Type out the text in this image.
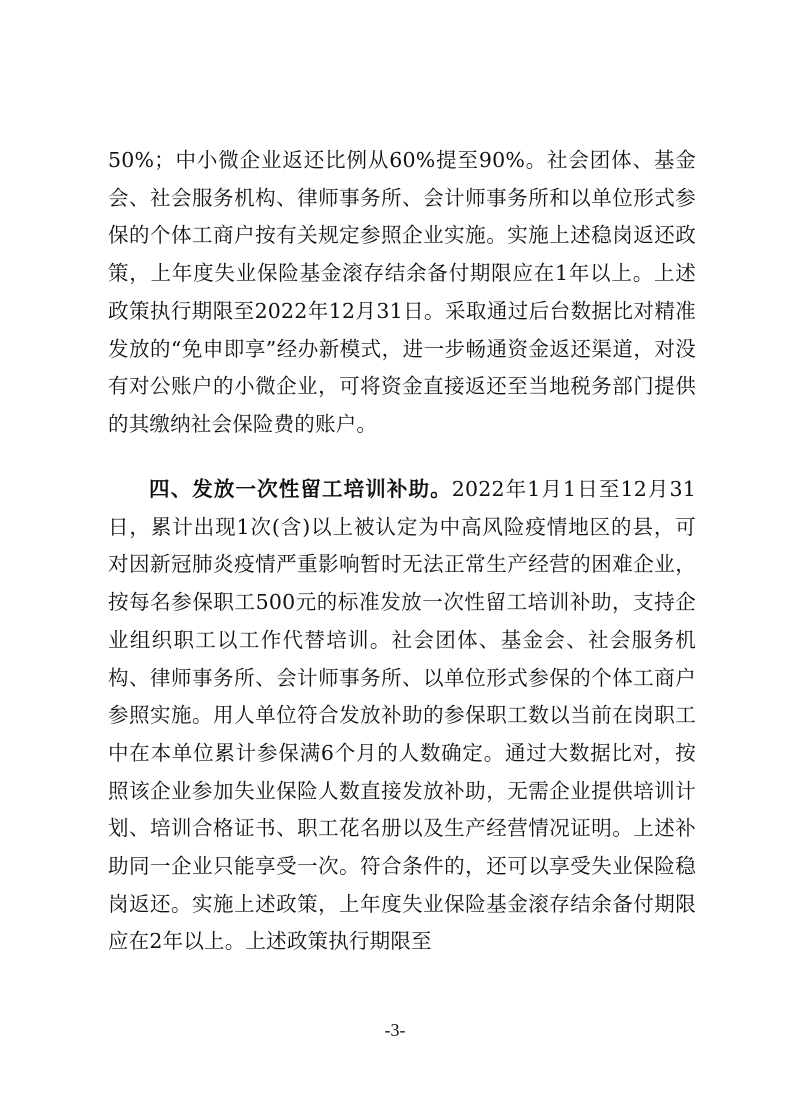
50%；中小微企业返还比例从60%提至90%。社会团体、基金会、社会服务机构、律师事务所、会计师事务所和以单位形式参保的个体工商户按有关规定参照企业实施。实施上述稳岗返还政策，上年度失业保险基金滚存结余备付期限应在1年以上。上述政策执行期限至2022年12月31日。采取通过后台数据比对精准发放的“免申即享”经办新模式，进一步畅通资金返还渠道，对没有对公账户的小微企业，可将资金直接返还至当地税务部门提供的其缴纳社会保险费的账户。

四、发放一次性留工培训补助。2022年1月1日至12月31日，累计出现1次(含)以上被认定为中高风险疫情地区的县，可对因新冠肺炎疫情严重影响暂时无法正常生产经营的困难企业，按每名参保职工500元的标准发放一次性留工培训补助，支持企业组织职工以工作代替培训。社会团体、基金会、社会服务机构、律师事务所、会计师事务所、以单位形式参保的个体工商户参照实施。用人单位符合发放补助的参保职工数以当前在岗职工中在本单位累计参保满6个月的人数确定。通过大数据比对，按照该企业参加失业保险人数直接发放补助，无需企业提供培训计划、培训合格证书、职工花名册以及生产经营情况证明。上述补助同一企业只能享受一次。符合条件的，还可以享受失业保险稳岗返还。实施上述政策，上年度失业保险基金滚存结余备付期限应在2年以上。上述政策执行期限至

-3-
